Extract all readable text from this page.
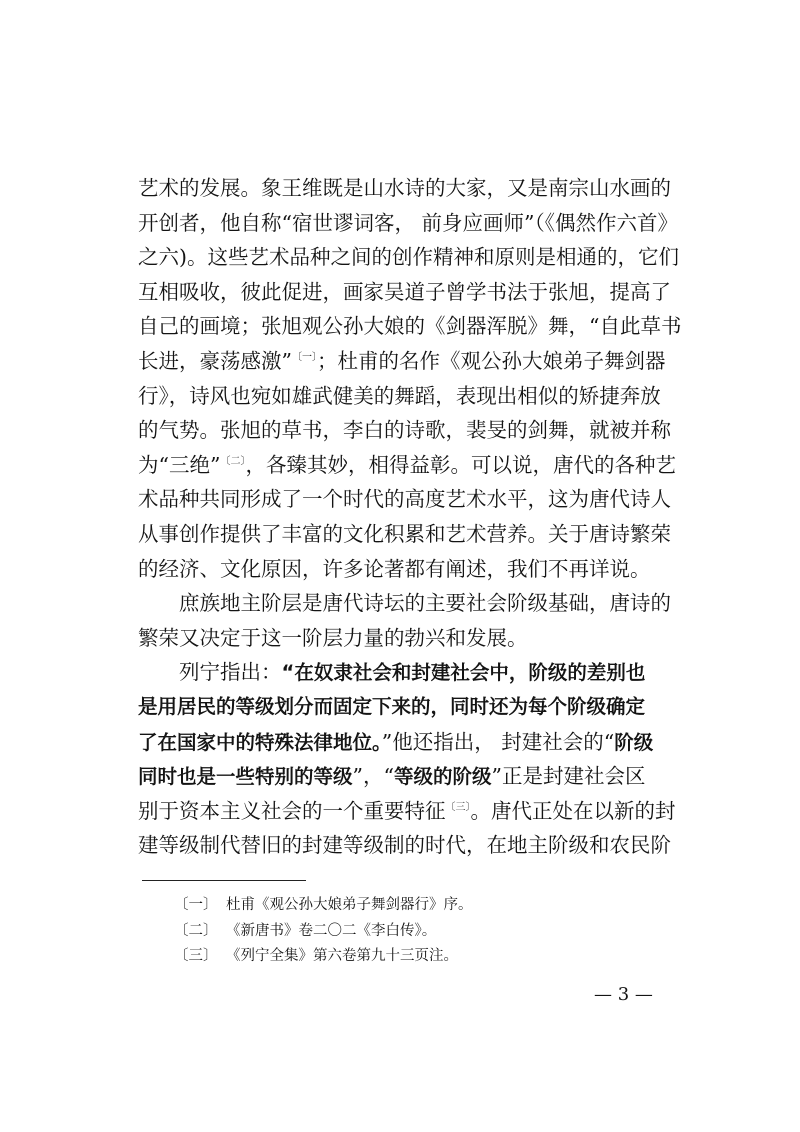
艺术的发展。象王维既是山水诗的大家，又是南宗山水画的
开创者，他自称“宿世谬词客， 前身应画师”（《偶然作六首》
之六)。这些艺术品种之间的创作精神和原则是相通的，它们
互相吸收，彼此促进，画家吴道子曾学书法于张旭，提高了
自己的画境；张旭观公孙大娘的《剑器浑脱》舞，“自此草书
长进，豪荡感激”$^{〔一〕}$；杜甫的名作《观公孙大娘弟子舞剑器
行》，诗风也宛如雄武健美的舞蹈，表现出相似的矫捷奔放
的气势。张旭的草书，李白的诗歌，裴旻的剑舞，就被并称
为“三绝”$^{〔二〕}$，各臻其妙，相得益彰。可以说，唐代的各种艺
术品种共同形成了一个时代的高度艺术水平，这为唐代诗人
从事创作提供了丰富的文化积累和艺术营养。关于唐诗繁荣
的经济、文化原因，许多论著都有阐述，我们不再详说。
庶族地主阶层是唐代诗坛的主要社会阶级基础，唐诗的
繁荣又决定于这一阶层力量的勃兴和发展。
列宁指出：“在奴隶社会和封建社会中，阶级的差别也
是用居民的等级划分而固定下来的，同时还为每个阶级确定
了在国家中的特殊法律地位。”他还指出， 封建社会的“阶级
同时也是一些特别的等级”，“等级的阶级”正是封建社会区
别于资本主义社会的一个重要特征$^{〔三〕}$。唐代正处在以新的封
建等级制代替旧的封建等级制的时代，在地主阶级和农民阶
〔一〕 杜甫《观公孙大娘弟子舞剑器行》序。
〔二〕 《新唐书》卷二〇二《李白传》。
〔三〕 《列宁全集》第六卷第九十三页注。
— 3 —
